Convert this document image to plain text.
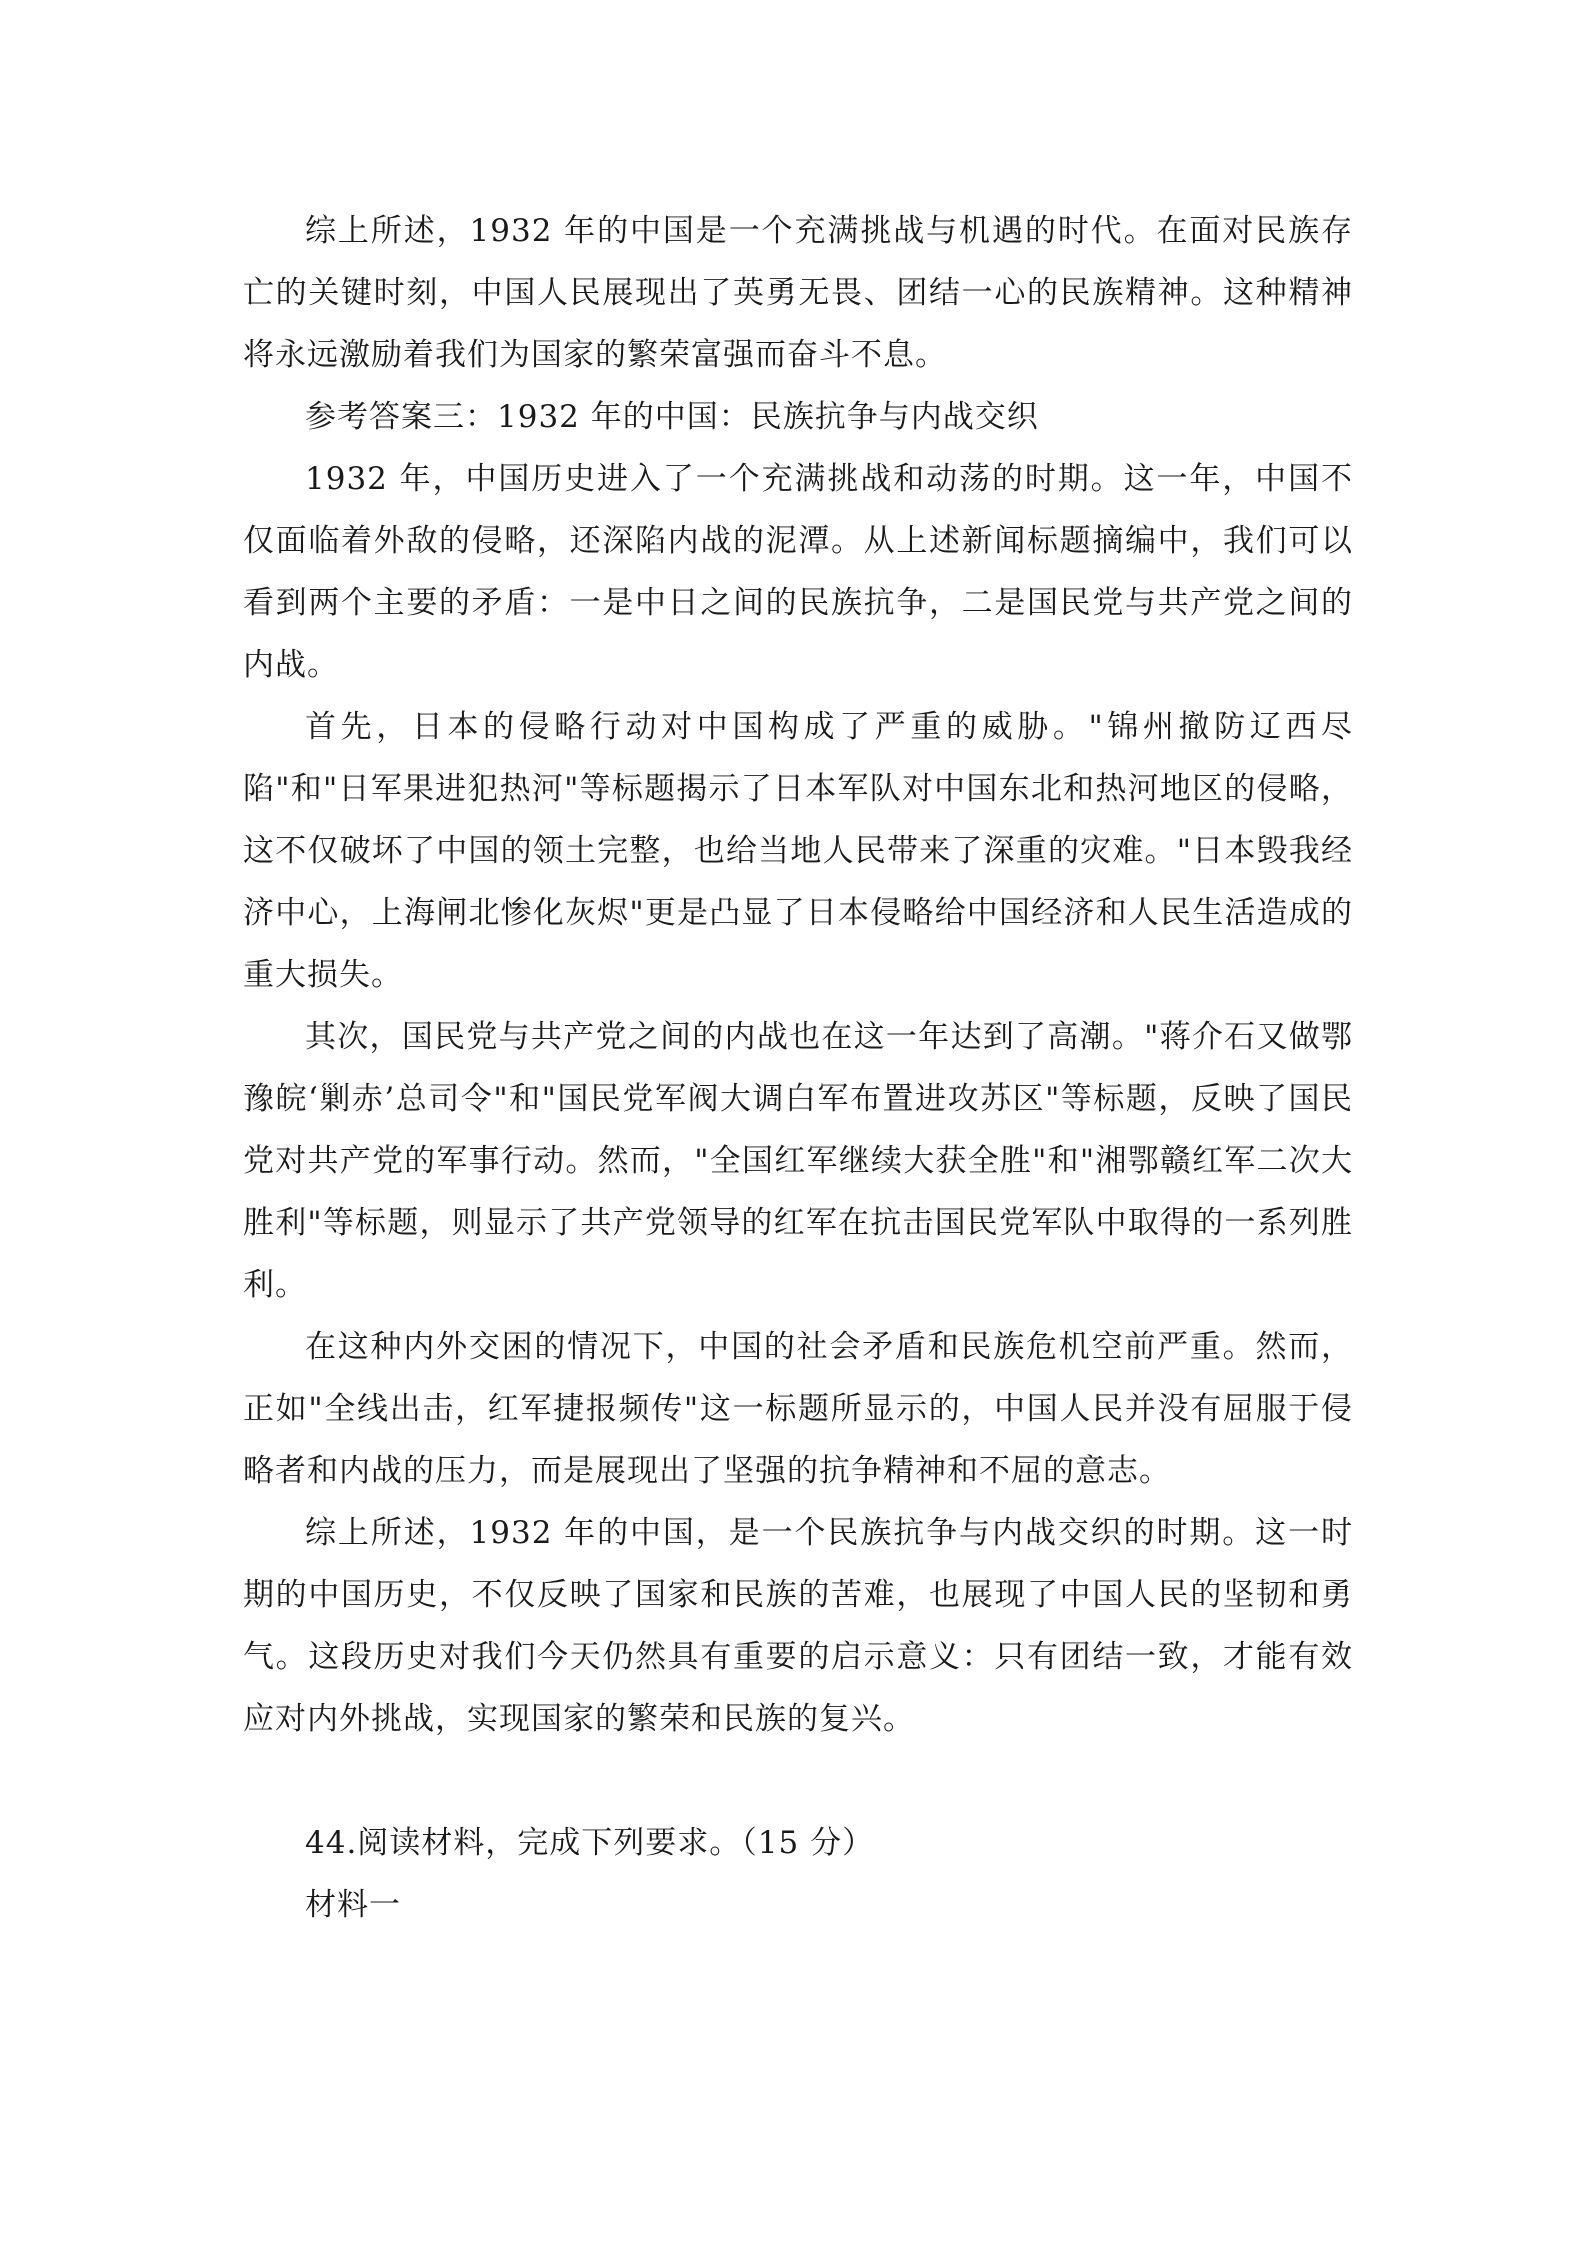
综上所述，1932 年的中国是一个充满挑战与机遇的时代。在面对民族存亡的关键时刻，中国人民展现出了英勇无畏、团结一心的民族精神。这种精神将永远激励着我们为国家的繁荣富强而奋斗不息。

参考答案三：1932 年的中国：民族抗争与内战交织

1932 年，中国历史进入了一个充满挑战和动荡的时期。这一年，中国不仅面临着外敌的侵略，还深陷内战的泥潭。从上述新闻标题摘编中，我们可以看到两个主要的矛盾：一是中日之间的民族抗争，二是国民党与共产党之间的内战。

首先，日本的侵略行动对中国构成了严重的威胁。"锦州撤防辽西尽陷"和"日军果进犯热河"等标题揭示了日本军队对中国东北和热河地区的侵略，这不仅破坏了中国的领土完整，也给当地人民带来了深重的灾难。"日本毁我经济中心，上海闸北惨化灰烬"更是凸显了日本侵略给中国经济和人民生活造成的重大损失。

其次，国民党与共产党之间的内战也在这一年达到了高潮。"蒋介石又做鄂豫皖‘剿赤’总司令"和"国民党军阀大调白军布置进攻苏区"等标题，反映了国民党对共产党的军事行动。然而，"全国红军继续大获全胜"和"湘鄂赣红军二次大胜利"等标题，则显示了共产党领导的红军在抗击国民党军队中取得的一系列胜利。

在这种内外交困的情况下，中国的社会矛盾和民族危机空前严重。然而，正如"全线出击，红军捷报频传"这一标题所显示的，中国人民并没有屈服于侵略者和内战的压力，而是展现出了坚强的抗争精神和不屈的意志。

综上所述，1932 年的中国，是一个民族抗争与内战交织的时期。这一时期的中国历史，不仅反映了国家和民族的苦难，也展现了中国人民的坚韧和勇气。这段历史对我们今天仍然具有重要的启示意义：只有团结一致，才能有效应对内外挑战，实现国家的繁荣和民族的复兴。

44.阅读材料，完成下列要求。（15 分）

材料一
